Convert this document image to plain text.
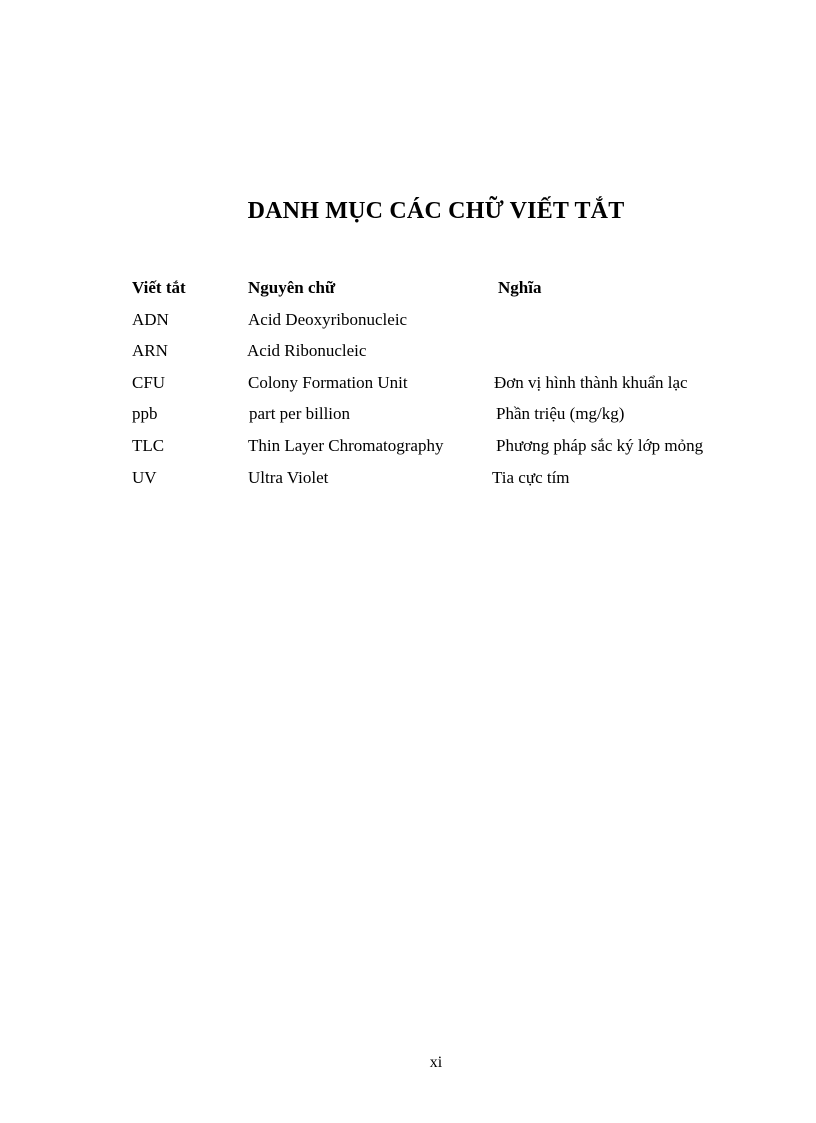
DANH MỤC CÁC CHỮ VIẾT TẮT
Viết tắt	Nguyên chữ	Nghĩa
ADN	Acid Deoxyribonucleic
ARN	Acid Ribonucleic
CFU	Colony Formation Unit	Đơn vị hình thành khuẩn lạc
ppb	part per billion	Phần triệu (mg/kg)
TLC	Thin Layer Chromatography	Phương pháp sắc ký lớp mỏng
UV	Ultra Violet	Tia cực tím
xi
